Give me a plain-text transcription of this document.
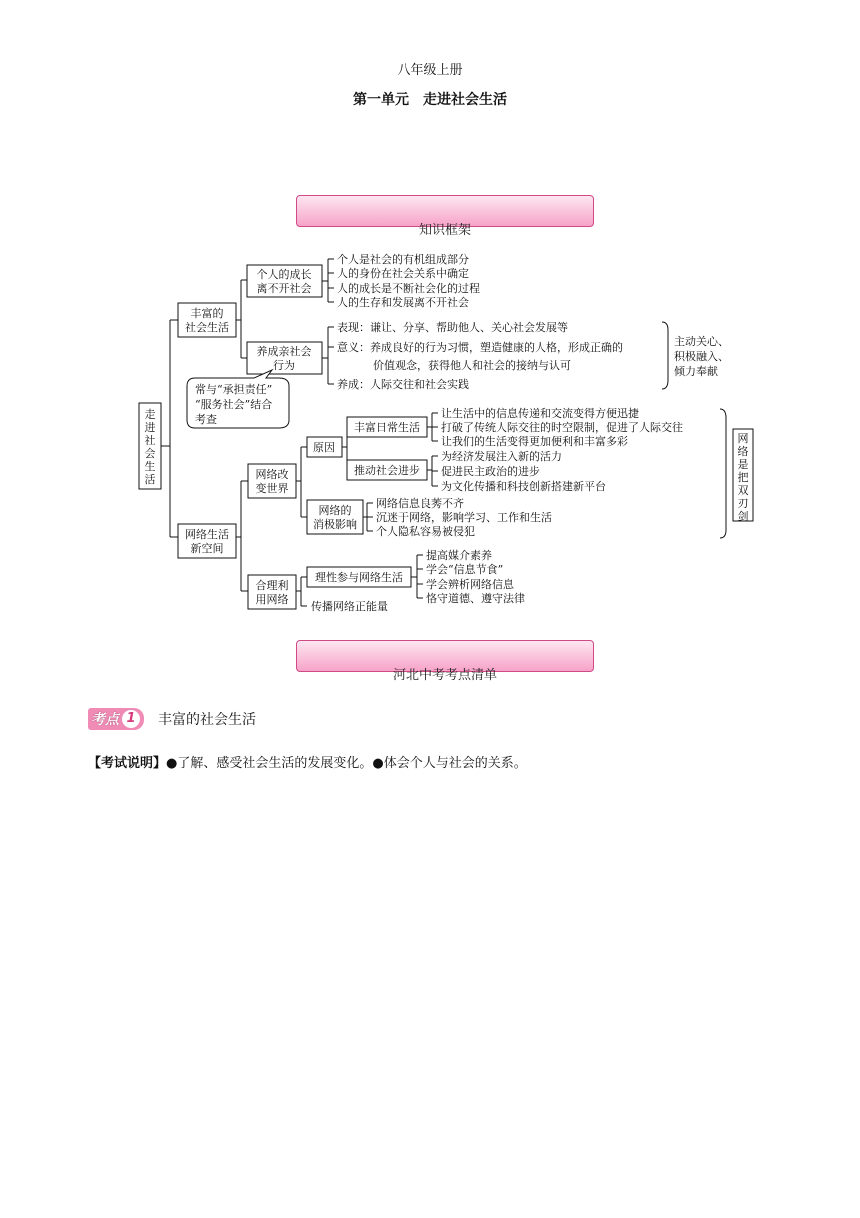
八年级上册
第一单元　走进社会生活
知识框架
走
进
社
会
生
活
丰富的
社会生活
个人的成长
离不开社会
个人是社会的有机组成部分
人的身份在社会关系中确定
人的成长是不断社会化的过程
人的生存和发展离不开社会
养成亲社会
行为
表现：谦让、分享、帮助他人、关心社会发展等
意义：养成良好的行为习惯，塑造健康的人格，形成正确的
价值观念，获得他人和社会的接纳与认可
养成：人际交往和社会实践
主动关心、
积极融入、
倾力奉献
常与“承担责任”
“服务社会”结合
考查
网络生活
新空间
网络改
变世界
原因
丰富日常生活
让生活中的信息传递和交流变得方便迅捷
打破了传统人际交往的时空限制，促进了人际交往
让我们的生活变得更加便利和丰富多彩
推动社会进步
为经济发展注入新的活力
促进民主政治的进步
为文化传播和科技创新搭建新平台
网络的
消极影响
网络信息良莠不齐
沉迷于网络，影响学习、工作和生活
个人隐私容易被侵犯
网
络
是
把
双
刃
剑
合理利
用网络
理性参与网络生活
提高媒介素养
学会“信息节食”
学会辨析网络信息
恪守道德、遵守法律
传播网络正能量
河北中考考点清单
考点 1	丰富的社会生活
【考试说明】●了解、感受社会生活的发展变化。●体会个人与社会的关系。
